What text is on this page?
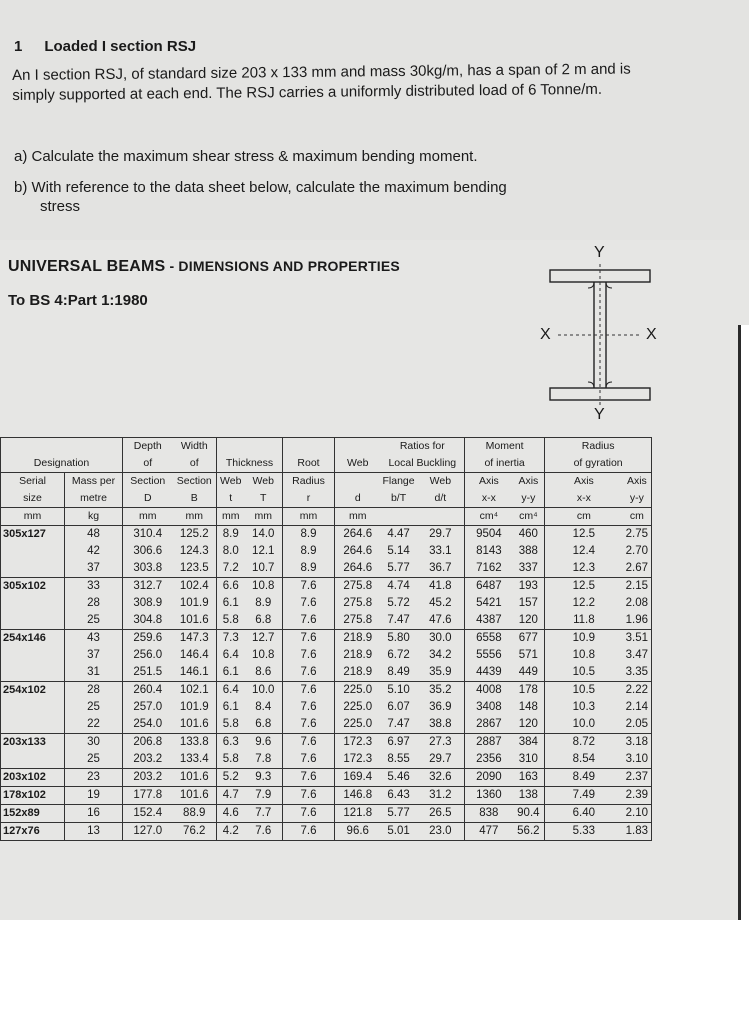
1 Loaded I section RSJ
An I section RSJ, of standard size 203 x 133 mm and mass 30kg/m, has a span of 2 m and is simply supported at each end. The RSJ carries a uniformly distributed load of 6 Tonne/m.
a) Calculate the maximum shear stress & maximum bending moment.
b) With reference to the data sheet below, calculate the maximum bending
stress
UNIVERSAL BEAMS - DIMENSIONS AND PROPERTIES
To BS 4:Part 1:1980
Y
Y
X	X
		Depth	Width					Ratios for		Moment		Radius	
Designation		of	of	Thickness		Root	Web	Local Buckling		of inertia		of gyration	
Serial	Mass per	Section	Section	Web	Web	Radius		Flange	Web	Axis	Axis	Axis	Axis
size	metre	D	B	t	T	r	d	b/T	d/t	x-x	y-y	x-x	y-y
mm	kg	mm	mm	mm	mm	mm	mm			cm⁴	cm⁴	cm	cm
305x127	48	310.4	125.2	8.9	14.0	8.9	264.6	4.47	29.7	9504	460	12.5	2.75
	42	306.6	124.3	8.0	12.1	8.9	264.6	5.14	33.1	8143	388	12.4	2.70
	37	303.8	123.5	7.2	10.7	8.9	264.6	5.77	36.7	7162	337	12.3	2.67
305x102	33	312.7	102.4	6.6	10.8	7.6	275.8	4.74	41.8	6487	193	12.5	2.15
	28	308.9	101.9	6.1	8.9	7.6	275.8	5.72	45.2	5421	157	12.2	2.08
	25	304.8	101.6	5.8	6.8	7.6	275.8	7.47	47.6	4387	120	11.8	1.96
254x146	43	259.6	147.3	7.3	12.7	7.6	218.9	5.80	30.0	6558	677	10.9	3.51
	37	256.0	146.4	6.4	10.8	7.6	218.9	6.72	34.2	5556	571	10.8	3.47
	31	251.5	146.1	6.1	8.6	7.6	218.9	8.49	35.9	4439	449	10.5	3.35
254x102	28	260.4	102.1	6.4	10.0	7.6	225.0	5.10	35.2	4008	178	10.5	2.22
	25	257.0	101.9	6.1	8.4	7.6	225.0	6.07	36.9	3408	148	10.3	2.14
	22	254.0	101.6	5.8	6.8	7.6	225.0	7.47	38.8	2867	120	10.0	2.05
203x133	30	206.8	133.8	6.3	9.6	7.6	172.3	6.97	27.3	2887	384	8.72	3.18
	25	203.2	133.4	5.8	7.8	7.6	172.3	8.55	29.7	2356	310	8.54	3.10
203x102	23	203.2	101.6	5.2	9.3	7.6	169.4	5.46	32.6	2090	163	8.49	2.37
178x102	19	177.8	101.6	4.7	7.9	7.6	146.8	6.43	31.2	1360	138	7.49	2.39
152x89	16	152.4	88.9	4.6	7.7	7.6	121.8	5.77	26.5	838	90.4	6.40	2.10
127x76	13	127.0	76.2	4.2	7.6	7.6	96.6	5.01	23.0	477	56.2	5.33	1.83
